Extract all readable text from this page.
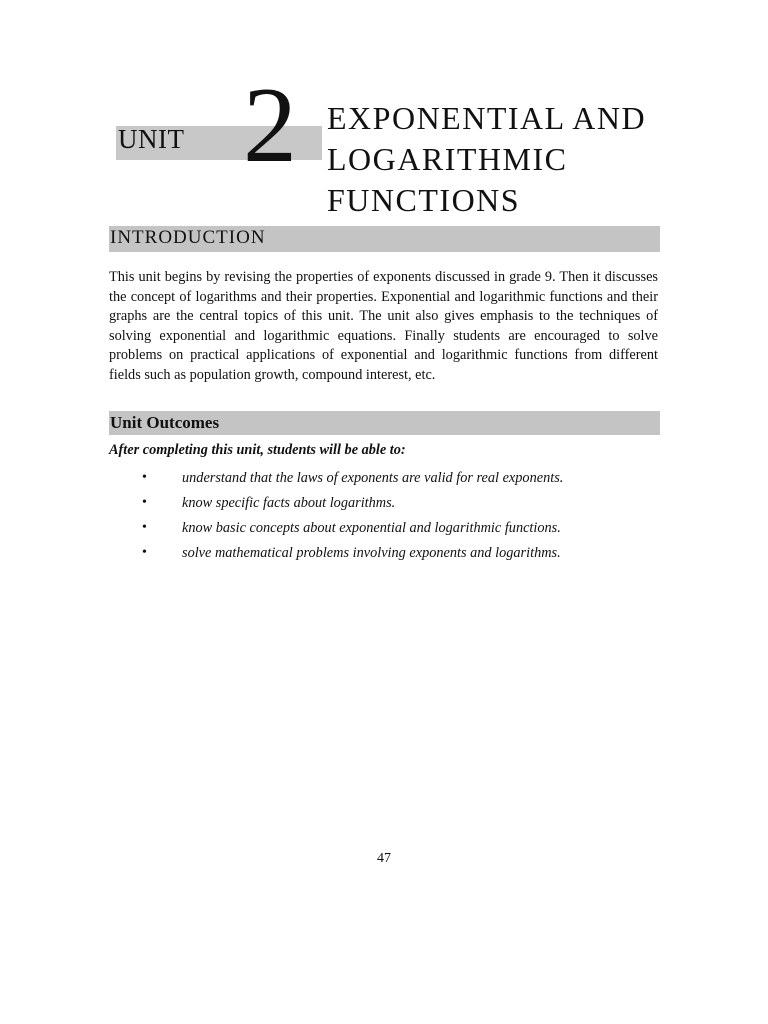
UNIT 2 EXPONENTIAL AND
LOGARITHMIC
FUNCTIONS
INTRODUCTION

This unit begins by revising the properties of exponents discussed in grade 9. Then it discusses the concept of logarithms and their properties. Exponential and logarithmic functions and their graphs are the central topics of this unit. The unit also gives emphasis to the techniques of solving exponential and logarithmic equations. Finally students are encouraged to solve problems on practical applications of exponential and logarithmic functions from different fields such as population growth, compound interest, etc.

Unit Outcomes

After completing this unit, students will be able to:

• understand that the laws of exponents are valid for real exponents.
• know specific facts about logarithms.
• know basic concepts about exponential and logarithmic functions.
• solve mathematical problems involving exponents and logarithms.
47
